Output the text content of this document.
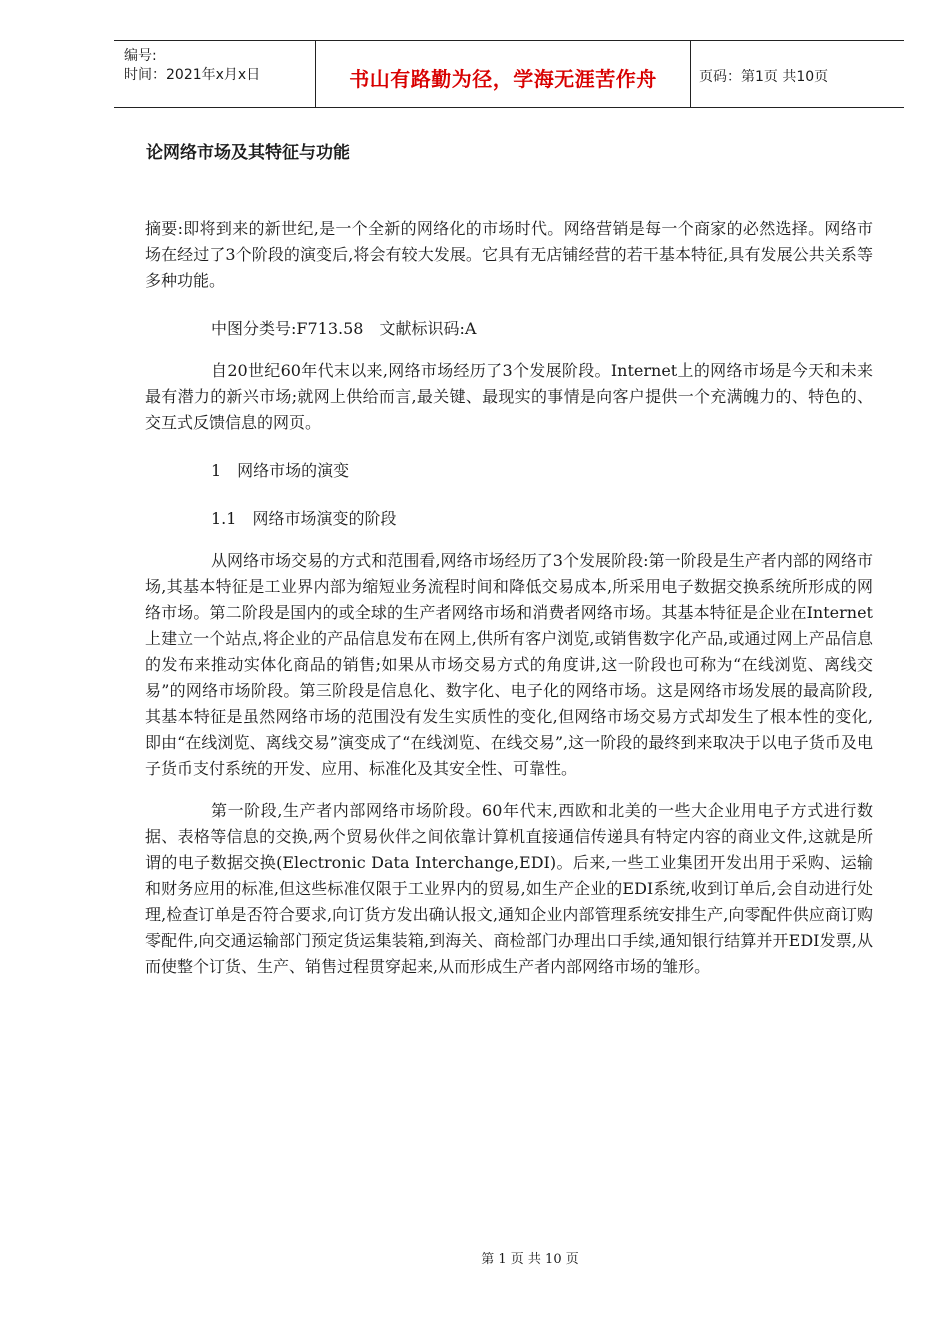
编号:
时间：2021年x月x日	书山有路勤为径，学海无涯苦作舟	页码：第1页 共10页
论网络市场及其特征与功能

摘要:即将到来的新世纪,是一个全新的网络化的市场时代。网络营销是每一个商家的必然选择。网络市场在经过了3个阶段的演变后,将会有较大发展。它具有无店铺经营的若干基本特征,具有发展公共关系等多种功能。

中图分类号:F713.58　文献标识码:A

自20世纪60年代末以来,网络市场经历了3个发展阶段。Internet上的网络市场是今天和未来最有潜力的新兴市场;就网上供给而言,最关键、最现实的事情是向客户提供一个充满魄力的、特色的、交互式反馈信息的网页。

1　网络市场的演变

1.1　网络市场演变的阶段

从网络市场交易的方式和范围看,网络市场经历了3个发展阶段:第一阶段是生产者内部的网络市场,其基本特征是工业界内部为缩短业务流程时间和降低交易成本,所采用电子数据交换系统所形成的网络市场。第二阶段是国内的或全球的生产者网络市场和消费者网络市场。其基本特征是企业在Internet上建立一个站点,将企业的产品信息发布在网上,供所有客户浏览,或销售数字化产品,或通过网上产品信息的发布来推动实体化商品的销售;如果从市场交易方式的角度讲,这一阶段也可称为“在线浏览、离线交易”的网络市场阶段。第三阶段是信息化、数字化、电子化的网络市场。这是网络市场发展的最高阶段,其基本特征是虽然网络市场的范围没有发生实质性的变化,但网络市场交易方式却发生了根本性的变化,即由“在线浏览、离线交易”演变成了“在线浏览、在线交易”,这一阶段的最终到来取决于以电子货币及电子货币支付系统的开发、应用、标准化及其安全性、可靠性。

第一阶段,生产者内部网络市场阶段。60年代末,西欧和北美的一些大企业用电子方式进行数据、表格等信息的交换,两个贸易伙伴之间依靠计算机直接通信传递具有特定内容的商业文件,这就是所谓的电子数据交换(Electronic Data Interchange,EDI)。后来,一些工业集团开发出用于采购、运输和财务应用的标准,但这些标准仅限于工业界内的贸易,如生产企业的EDI系统,收到订单后,会自动进行处理,检查订单是否符合要求,向订货方发出确认报文,通知企业内部管理系统安排生产,向零配件供应商订购零配件,向交通运输部门预定货运集装箱,到海关、商检部门办理出口手续,通知银行结算并开EDI发票,从而使整个订货、生产、销售过程贯穿起来,从而形成生产者内部网络市场的雏形。

第 1 页 共 10 页
